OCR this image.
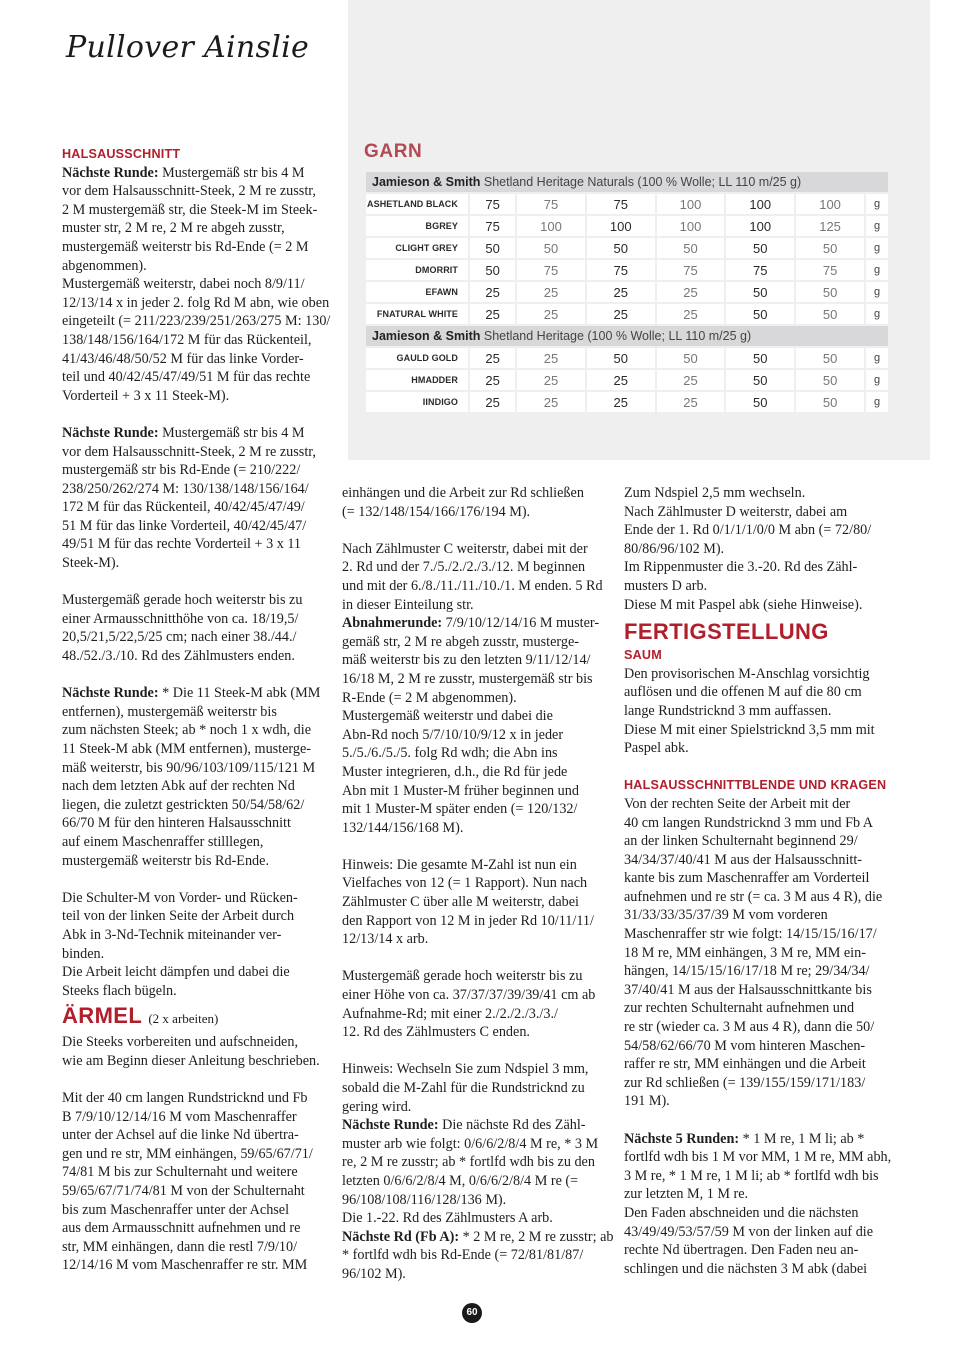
Pullover Ainslie
GARN
Jamieson & Smith Shetland Heritage Naturals (100 % Wolle; LL 110 m/25 g)							
ASHETLAND BLACK	75	75	75	100	100	100	g
BGREY	75	100	100	100	100	125	g
CLIGHT GREY	50	50	50	50	50	50	g
DMORRIT	50	75	75	75	75	75	g
EFAWN	25	25	25	25	50	50	g
FNATURAL WHITE	25	25	25	25	50	50	g
Jamieson & Smith Shetland Heritage (100 % Wolle; LL 110 m/25 g)							
GAULD GOLD	25	25	50	50	50	50	g
HMADDER	25	25	25	25	50	50	g
IINDIGO	25	25	25	25	50	50	g

HALSAUSSCHNITT

Nächste Runde: Mustergemäß str bis 4 M
vor dem Halsausschnitt-Steek, 2 M re zusstr,
2 M mustergemäß str, die Steek-M im Steek-
muster str, 2 M re, 2 M re abgeh zusstr,
mustergemäß weiterstr bis Rd-Ende (= 2 M
abgenommen).

Mustergemäß weiterstr, dabei noch 8/9/11/
12/13/14 x in jeder 2. folg Rd M abn, wie oben
eingeteilt (= 211/223/239/251/263/275 M: 130/
138/148/156/164/172 M für das Rückenteil,
41/43/46/48/50/52 M für das linke Vorder-
teil und 40/42/45/47/49/51 M für das rechte
Vorderteil + 3 x 11 Steek-M).

Nächste Runde: Mustergemäß str bis 4 M
vor dem Halsausschnitt-Steek, 2 M re zusstr,
mustergemäß str bis Rd-Ende (= 210/222/
238/250/262/274 M: 130/138/148/156/164/
172 M für das Rückenteil, 40/42/45/47/49/
51 M für das linke Vorderteil, 40/42/45/47/
49/51 M für das rechte Vorderteil + 3 x 11
Steek-M).

Mustergemäß gerade hoch weiterstr bis zu
einer Armausschnitthöhe von ca. 18/19,5/
20,5/21,5/22,5/25 cm; nach einer 38./44./
48./52./3./10. Rd des Zählmusters enden.

Nächste Runde: * Die 11 Steek-M abk (MM
entfernen), mustergemäß weiterstr bis
zum nächsten Steek; ab * noch 1 x wdh, die
11 Steek-M abk (MM entfernen), musterge-
mäß weiterstr, bis 90/96/103/109/115/121 M
nach dem letzten Abk auf der rechten Nd
liegen, die zuletzt gestrickten 50/54/58/62/
66/70 M für den hinteren Halsausschnitt
auf einem Maschenraffer stilllegen,
mustergemäß weiterstr bis Rd-Ende.

Die Schulter-M von Vorder- und Rücken-
teil von der linken Seite der Arbeit durch
Abk in 3-Nd-Technik miteinander ver-
binden.
Die Arbeit leicht dämpfen und dabei die
Steeks flach bügeln.

ÄRMEL (2 x arbeiten)

Die Steeks vorbereiten und aufschneiden,
wie am Beginn dieser Anleitung beschrieben.

Mit der 40 cm langen Rundstricknd und Fb
B 7/9/10/12/14/16 M vom Maschenraffer
unter der Achsel auf die linke Nd übertra-
gen und re str, MM einhängen, 59/65/67/71/
74/81 M bis zur Schulternaht und weitere
59/65/67/71/74/81 M von der Schulternaht
bis zum Maschenraffer unter der Achsel
aus dem Armausschnitt aufnehmen und re
str, MM einhängen, dann die restl 7/9/10/
12/14/16 M vom Maschenraffer re str. MM

einhängen und die Arbeit zur Rd schließen
(= 132/148/154/166/176/194 M).

Nach Zählmuster C weiterstr, dabei mit der
2. Rd und der 7./5./2./2./3./12. M beginnen
und mit der 6./8./11./11./10./1. M enden. 5 Rd
in dieser Einteilung str.

Abnahmerunde: 7/9/10/12/14/16 M muster-
gemäß str, 2 M re abgeh zusstr, musterge-
mäß weiterstr bis zu den letzten 9/11/12/14/
16/18 M, 2 M re zusstr, mustergemäß str bis
R-Ende (= 2 M abgenommen).
Mustergemäß weiterstr und dabei die
Abn-Rd noch 5/7/10/10/9/12 x in jeder
5./5./6./5./5. folg Rd wdh; die Abn ins
Muster integrieren, d.h., die Rd für jede
Abn mit 1 Muster-M früher beginnen und
mit 1 Muster-M später enden (= 120/132/
132/144/156/168 M).

Hinweis: Die gesamte M-Zahl ist nun ein
Vielfaches von 12 (= 1 Rapport). Nun nach
Zählmuster C über alle M weiterstr, dabei
den Rapport von 12 M in jeder Rd 10/11/11/
12/13/14 x arb.

Mustergemäß gerade hoch weiterstr bis zu
einer Höhe von ca. 37/37/37/39/39/41 cm ab
Aufnahme-Rd; mit einer 2./2./2./3./3./
12. Rd des Zählmusters C enden.

Hinweis: Wechseln Sie zum Ndspiel 3 mm,
sobald die M-Zahl für die Rundstricknd zu
gering wird.

Nächste Runde: Die nächste Rd des Zähl-
muster arb wie folgt: 0/6/6/2/8/4 M re, * 3 M
re, 2 M re zusstr; ab * fortlfd wdh bis zu den
letzten 0/6/6/2/8/4 M, 0/6/6/2/8/4 M re (=
96/108/108/116/128/136 M).
Die 1.-22. Rd des Zählmusters A arb.

Nächste Rd (Fb A): * 2 M re, 2 M re zusstr; ab
* fortlfd wdh bis Rd-Ende (= 72/81/81/87/
96/102 M).

Zum Ndspiel 2,5 mm wechseln.
Nach Zählmuster D weiterstr, dabei am
Ende der 1. Rd 0/1/1/1/0/0 M abn (= 72/80/
80/86/96/102 M).
Im Rippenmuster die 3.-20. Rd des Zähl-
musters D arb.
Diese M mit Paspel abk (siehe Hinweise).

FERTIGSTELLUNG

SAUM

Den provisorischen M-Anschlag vorsichtig
auflösen und die offenen M auf die 80 cm
lange Rundstricknd 3 mm auffassen.
Diese M mit einer Spielstricknd 3,5 mm mit
Paspel abk.

HALSAUSSCHNITTBLENDE UND KRAGEN

Von der rechten Seite der Arbeit mit der
40 cm langen Rundstricknd 3 mm und Fb A
an der linken Schulternaht beginnend 29/
34/34/37/40/41 M aus der Halsausschnitt-
kante bis zum Maschenraffer am Vorderteil
aufnehmen und re str (= ca. 3 M aus 4 R), die
31/33/33/35/37/39 M vom vorderen
Maschenraffer str wie folgt: 14/15/15/16/17/
18 M re, MM einhängen, 3 M re, MM ein-
hängen, 14/15/15/16/17/18 M re; 29/34/34/
37/40/41 M aus der Halsausschnittkante bis
zur rechten Schulternaht aufnehmen und
re str (wieder ca. 3 M aus 4 R), dann die 50/
54/58/62/66/70 M vom hinteren Maschen-
raffer re str, MM einhängen und die Arbeit
zur Rd schließen (= 139/155/159/171/183/
191 M).

Nächste 5 Runden: * 1 M re, 1 M li; ab *
fortlfd wdh bis 1 M vor MM, 1 M re, MM abh,
3 M re, * 1 M re, 1 M li; ab * fortlfd wdh bis
zur letzten M, 1 M re.
Den Faden abschneiden und die nächsten
43/49/49/53/57/59 M von der linken auf die
rechte Nd übertragen. Den Faden neu an-
schlingen und die nächsten 3 M abk (dabei

60
